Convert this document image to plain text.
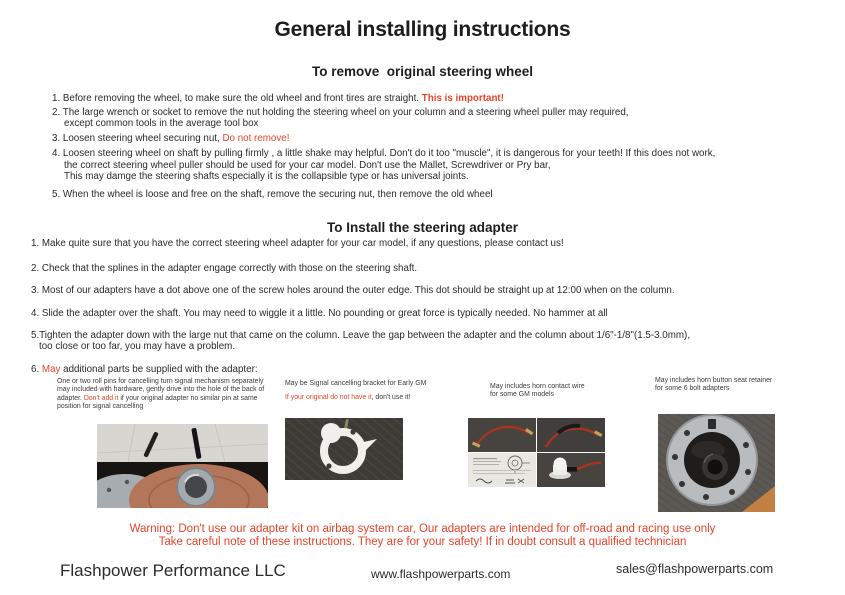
General installing instructions
To remove  original steering wheel
1. Before removing the wheel, to make sure the old wheel and front tires are straight. This is important!
2. The large wrench or socket to remove the nut holding the steering wheel on your column and a steering wheel puller may required,
except common tools in the average tool box
3. Loosen steering wheel securing nut, Do not remove!
4. Loosen steering wheel on shaft by pulling firmly , a little shake may helpful. Don't do it too "muscle", it is dangerous for your teeth! If this does not work,
the correct steering wheel puller should be used for your car model. Don't use the Mallet, Screwdriver or Pry bar,
This may damge the steering shafts especially it is the collapsible type or has universal joints.
5. When the wheel is loose and free on the shaft, remove the securing nut, then remove the old wheel
To Install the steering adapter
1. Make quite sure that you have the correct steering wheel adapter for your car model, if any questions, please contact us!
2. Check that the splines in the adapter engage correctly with those on the steering shaft.
3. Most of our adapters have a dot above one of the screw holes around the outer edge. This dot should be straight up at 12:00 when on the column.
4. Slide the adapter over the shaft. You may need to wiggle it a little. No pounding or great force is typically needed. No hammer at all
5.Tighten the adapter down with the large nut that came on the column. Leave the gap between the adapter and the column about 1/6"-1/8"(1.5-3.0mm),
too close or too far, you may have a problem.
6. May additional parts be supplied with the adapter:
One or two roll pins for cancelling turn signal mechanism separately may included with hardware, gently drive into the hole of the back of adapter. Don't add it if your original adapter no similar pin at same position for signal cancelling
May be Signal cancelling bracket for Early GM
If your original do not have it, don't use it!
May includes horn contact wire
for some GM models
May includes horn button seat retainer
for some 6 bolt adapters
Warning: Don't use our adapter kit on airbag system car, Our adapters are intended for off-road and racing use only
Take careful note of these instructions. They are for your safety! If in doubt consult a qualified technician
Flashpower Performance LLC	www.flashpowerparts.com	sales@flashpowerparts.com
